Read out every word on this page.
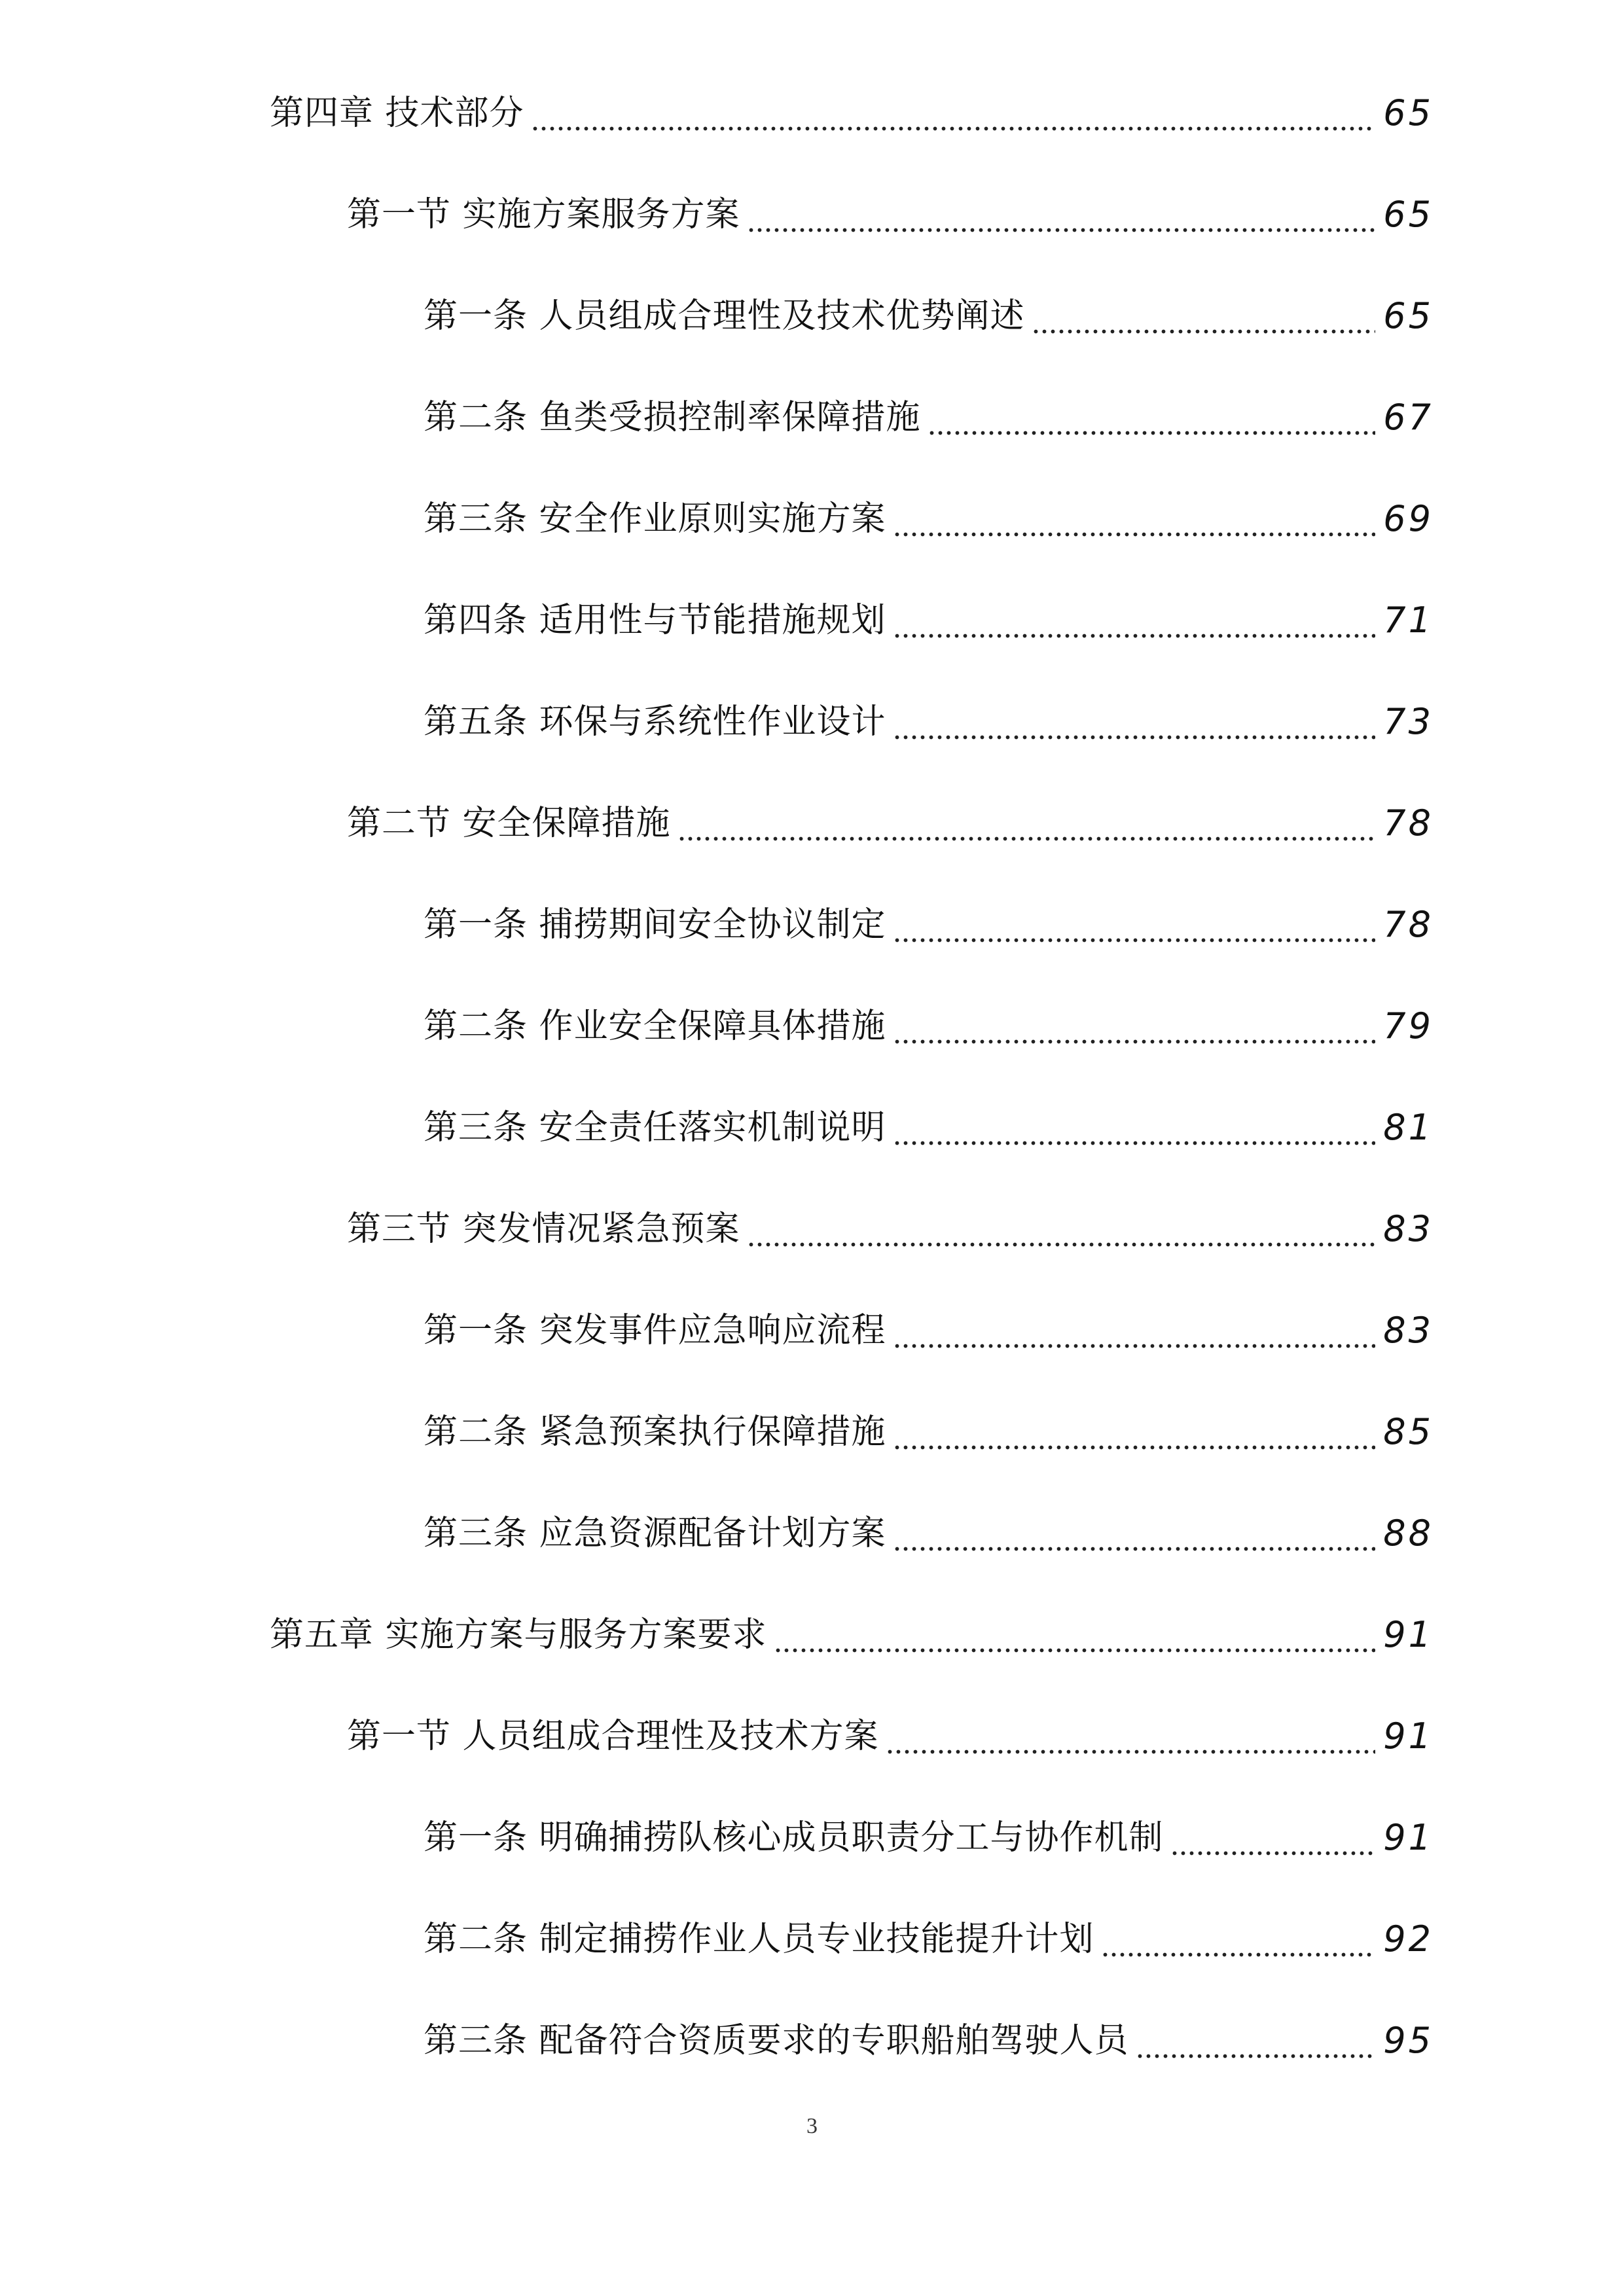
第四章 技术部分	65
第一节 实施方案服务方案	65
第一条 人员组成合理性及技术优势阐述	65
第二条 鱼类受损控制率保障措施	67
第三条 安全作业原则实施方案	69
第四条 适用性与节能措施规划	71
第五条 环保与系统性作业设计	73
第二节 安全保障措施	78
第一条 捕捞期间安全协议制定	78
第二条 作业安全保障具体措施	79
第三条 安全责任落实机制说明	81
第三节 突发情况紧急预案	83
第一条 突发事件应急响应流程	83
第二条 紧急预案执行保障措施	85
第三条 应急资源配备计划方案	88
第五章 实施方案与服务方案要求	91
第一节 人员组成合理性及技术方案	91
第一条 明确捕捞队核心成员职责分工与协作机制	91
第二条 制定捕捞作业人员专业技能提升计划	92
第三条 配备符合资质要求的专职船舶驾驶人员	95
3
